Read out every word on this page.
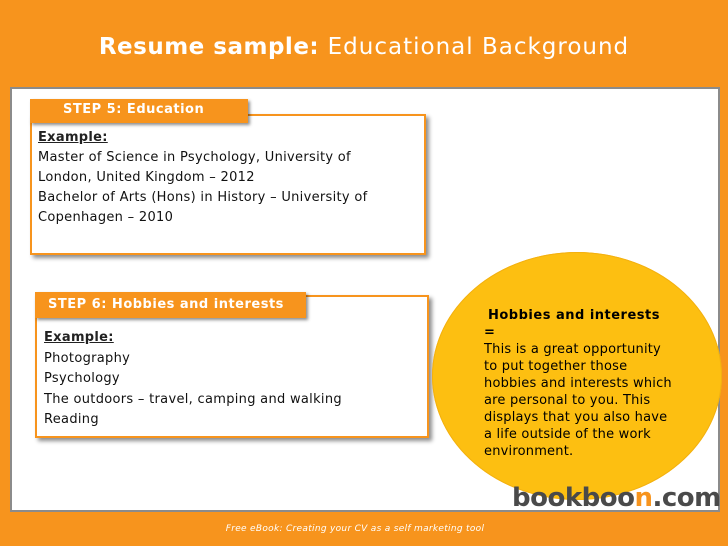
Resume sample: Educational Background
STEP 5: Education
Example:
Master of Science in Psychology, University of
London, United Kingdom – 2012
Bachelor of Arts (Hons) in History – University of
Copenhagen – 2010
STEP 6: Hobbies and interests
Example:
Photography
Psychology
The outdoors – travel, camping and walking
Reading
Hobbies and interests
=
This is a great opportunity
to put together those
hobbies and interests which
are personal to you. This
displays that you also have
a life outside of the work
environment.
bookboon.com
Free eBook: Creating your CV as a self marketing tool
